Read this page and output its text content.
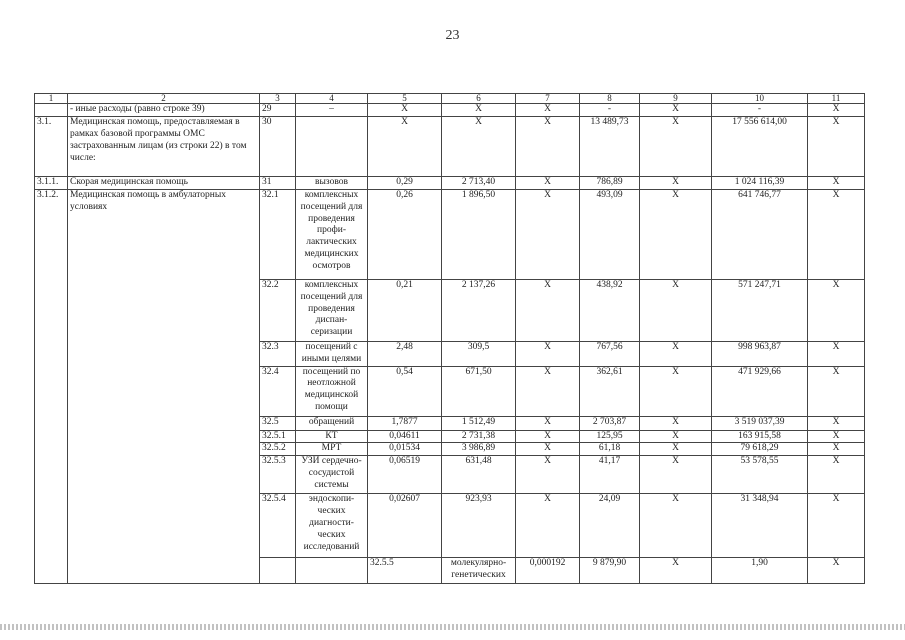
23
1	2	3	4	5	6	7	8	9	10	11	
	- иные расходы (равно строке 39)	29	–	Х	Х	Х	-	Х	-	Х	
3.1.	Медицинская помощь, предоставляемая в рамках базовой программы ОМС застрахованным лицам (из строки 22) в том числе:	30		Х	Х	Х	13 489,73	Х	17 556 614,00	Х	
3.1.1.	Скорая медицинская помощь	31	вызовов	0,29	2 713,40	Х	786,89	Х	1 024 116,39	Х	
3.1.2.	Медицинская помощь в амбулаторных условиях	32.1	комплексных посещений для проведения профи-лактических медицинских осмотров	0,26	1 896,50	Х	493,09	Х	641 746,77	Х	
		32.2	комплексных посещений для проведения диспан-серизации	0,21	2 137,26	Х	438,92	Х	571 247,71	Х	
		32.3	посещений с иными целями	2,48	309,5	Х	767,56	Х	998 963,87	Х	
		32.4	посещений по неотложной медицинской помощи	0,54	671,50	Х	362,61	Х	471 929,66	Х	
		32.5	обращений	1,7877	1 512,49	Х	2 703,87	Х	3 519 037,39	Х	
		32.5.1	КТ	0,04611	2 731,38	Х	125,95	Х	163 915,58	Х	
		32.5.2	МРТ	0,01534	3 986,89	Х	61,18	Х	79 618,29	Х	
		32.5.3	УЗИ сердечно-сосудистой системы	0,06519	631,48	Х	41,17	Х	53 578,55	Х	
		32.5.4	эндоскопи-ческих диагности-ческих исследований	0,02607	923,93	Х	24,09	Х	31 348,94	Х	
				32.5.5	молекулярно-генетических	0,000192	9 879,90	Х	1,90	Х		
